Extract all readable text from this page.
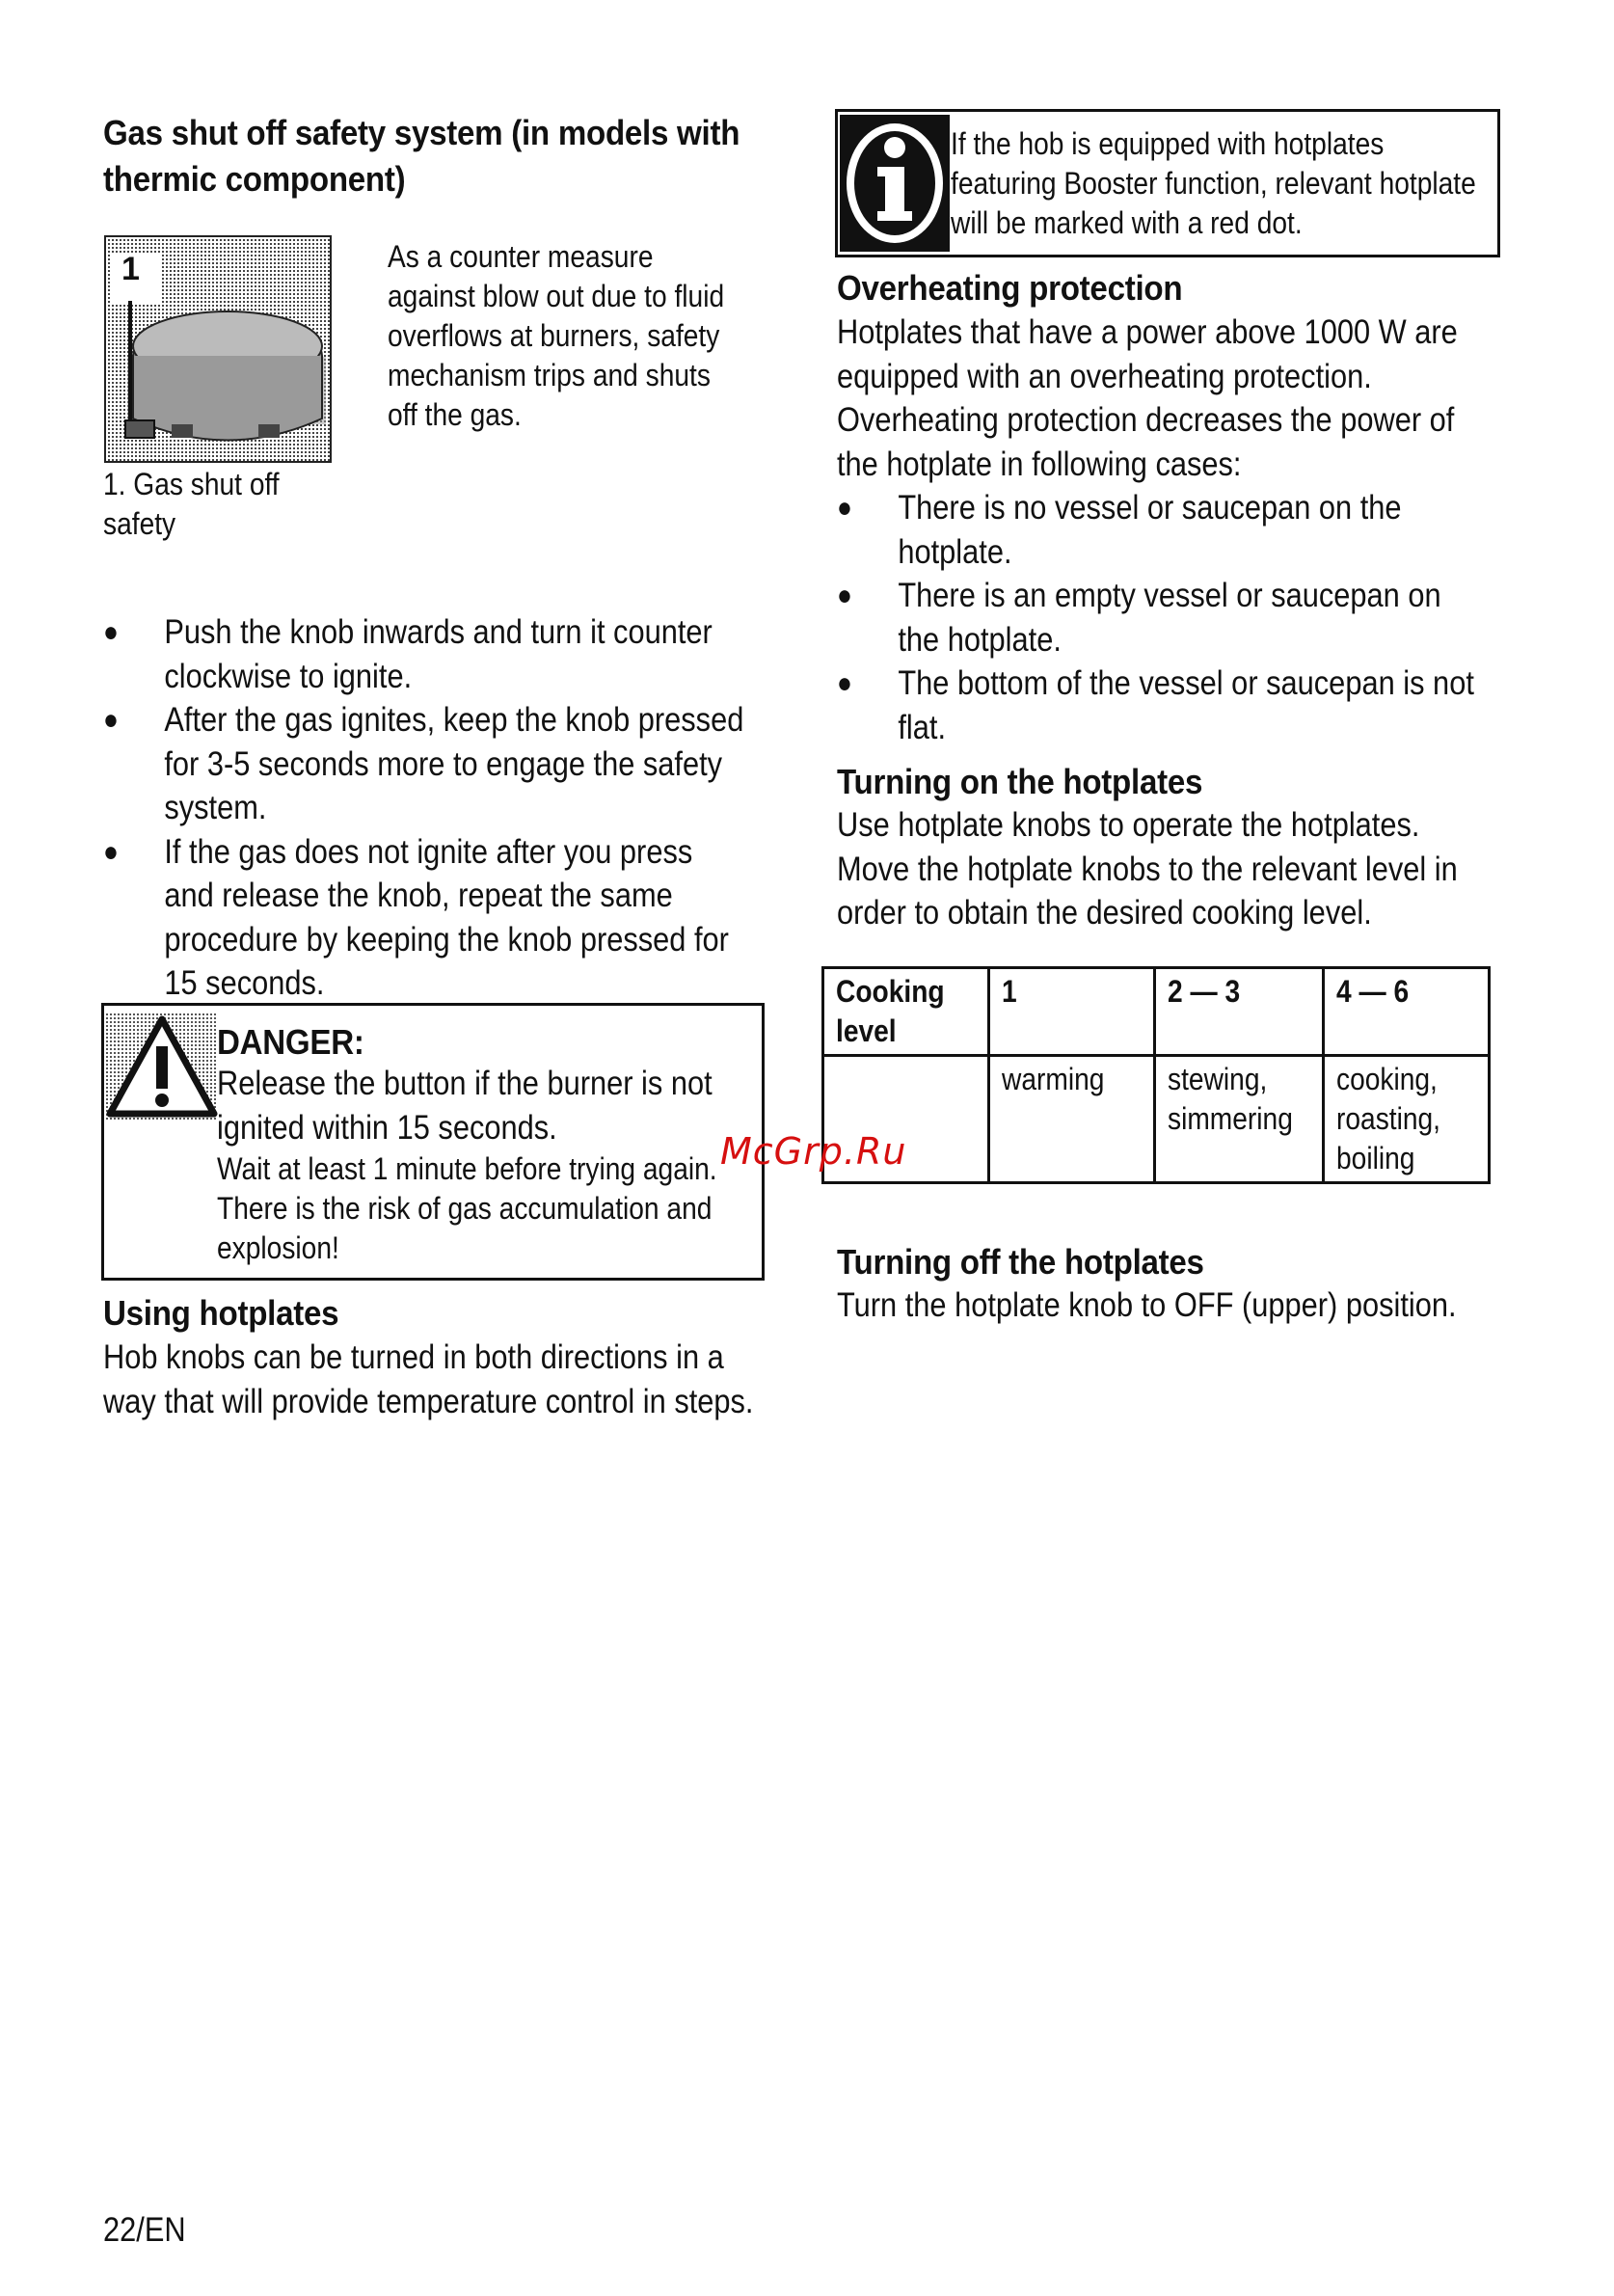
Gas shut off safety system (in models with
thermic component)
1
1. Gas shut off
safety
As a counter measure
against blow out due to fluid
overflows at burners, safety
mechanism trips and shuts
off the gas.
● Push the knob inwards and turn it counter
clockwise to ignite.
● After the gas ignites, keep the knob pressed
for 3-5 seconds more to engage the safety
system.
● If the gas does not ignite after you press
and release the knob, repeat the same
procedure by keeping the knob pressed for
15 seconds.
DANGER:
Release the button if the burner is not
ignited within 15 seconds.
Wait at least 1 minute before trying again.
There is the risk of gas accumulation and
explosion!
Using hotplates
Hob knobs can be turned in both directions in a
way that will provide temperature control in steps.
If the hob is equipped with hotplates
featuring Booster function, relevant hotplate
will be marked with a red dot.
Overheating protection
Hotplates that have a power above 1000 W are
equipped with an overheating protection.
Overheating protection decreases the power of
the hotplate in following cases:
● There is no vessel or saucepan on the
hotplate.
● There is an empty vessel or saucepan on
the hotplate.
● The bottom of the vessel or saucepan is not
flat.
Turning on the hotplates
Use hotplate knobs to operate the hotplates.
Move the hotplate knobs to the relevant level in
order to obtain the desired cooking level.
Cooking
level	1	2 — 3	4 — 6

	warming	stewing,
simmering	cooking,
roasting,
boiling
Turning off the hotplates
Turn the hotplate knob to OFF (upper) position.
McGrp.Ru
22/EN
